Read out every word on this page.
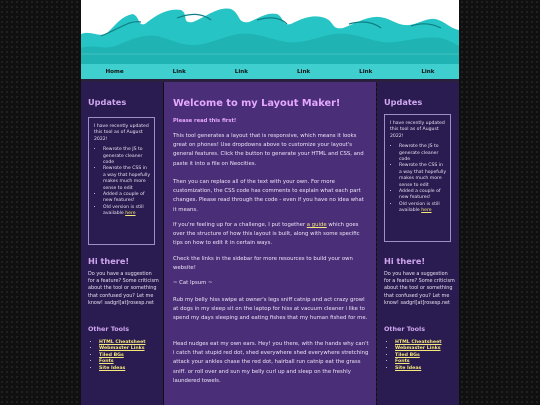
Home	Link	Link	Link	Link	Link
Updates

I have recently updated this tool as of August 2022!

• Rewrote the JS to generate cleaner code
• Rewrote the CSS in a way that hopefully makes much more sense to edit
• Added a couple of new features!
• Old version is still available here
Hi there!

Do you have a suggestion for a feature? Some criticism about the tool or something that confused you? Let me know! sadgrl[at]rosesp.net

Other Tools
• HTML Cheatsheet
• Webmaster Links
• Tiled BGs
• Fonts
• Site Ideas
Welcome to my Layout Maker!

Please read this first!

This tool generates a layout that is responsive, which means it looks great on phones! Use dropdowns above to customize your layout's general features. Click the button to generate your HTML and CSS, and paste it into a file on Neocities.

Then you can replace all of the text with your own. For more customization, the CSS code has comments to explain what each part changes. Please read through the code - even if you have no idea what it means.

If you're feeling up for a challenge, I put together a guide which goes over the structure of how this layout is built, along with some specific tips on how to edit it in certain ways.

Check the links in the sidebar for more resources to build your own website!

~ Cat Ipsum ~

Rub my belly hiss swipe at owner's legs sniff catnip and act crazy growl at dogs in my sleep sit on the laptop for hiss at vacuum cleaner i like to spend my days sleeping and eating fishes that my human fished for me.

Head nudges eat my own ears. Hey! you there, with the hands why can't i catch that stupid red dot, shed everywhere shed everywhere stretching attack your ankles chase the red dot, hairball run catnip eat the grass sniff. or roll over and sun my belly curl up and sleep on the freshly laundered towels.

Updates

I have recently updated this tool as of August 2022!

• Rewrote the JS to generate cleaner code
• Rewrote the CSS in a way that hopefully makes much more sense to edit
• Added a couple of new features!
• Old version is still available here
Hi there!

Do you have a suggestion for a feature? Some criticism about the tool or something that confused you? Let me know! sadgrl[at]rosesp.net

Other Tools
• HTML Cheatsheet
• Webmaster Links
• Tiled BGs
• Fonts
• Site Ideas
